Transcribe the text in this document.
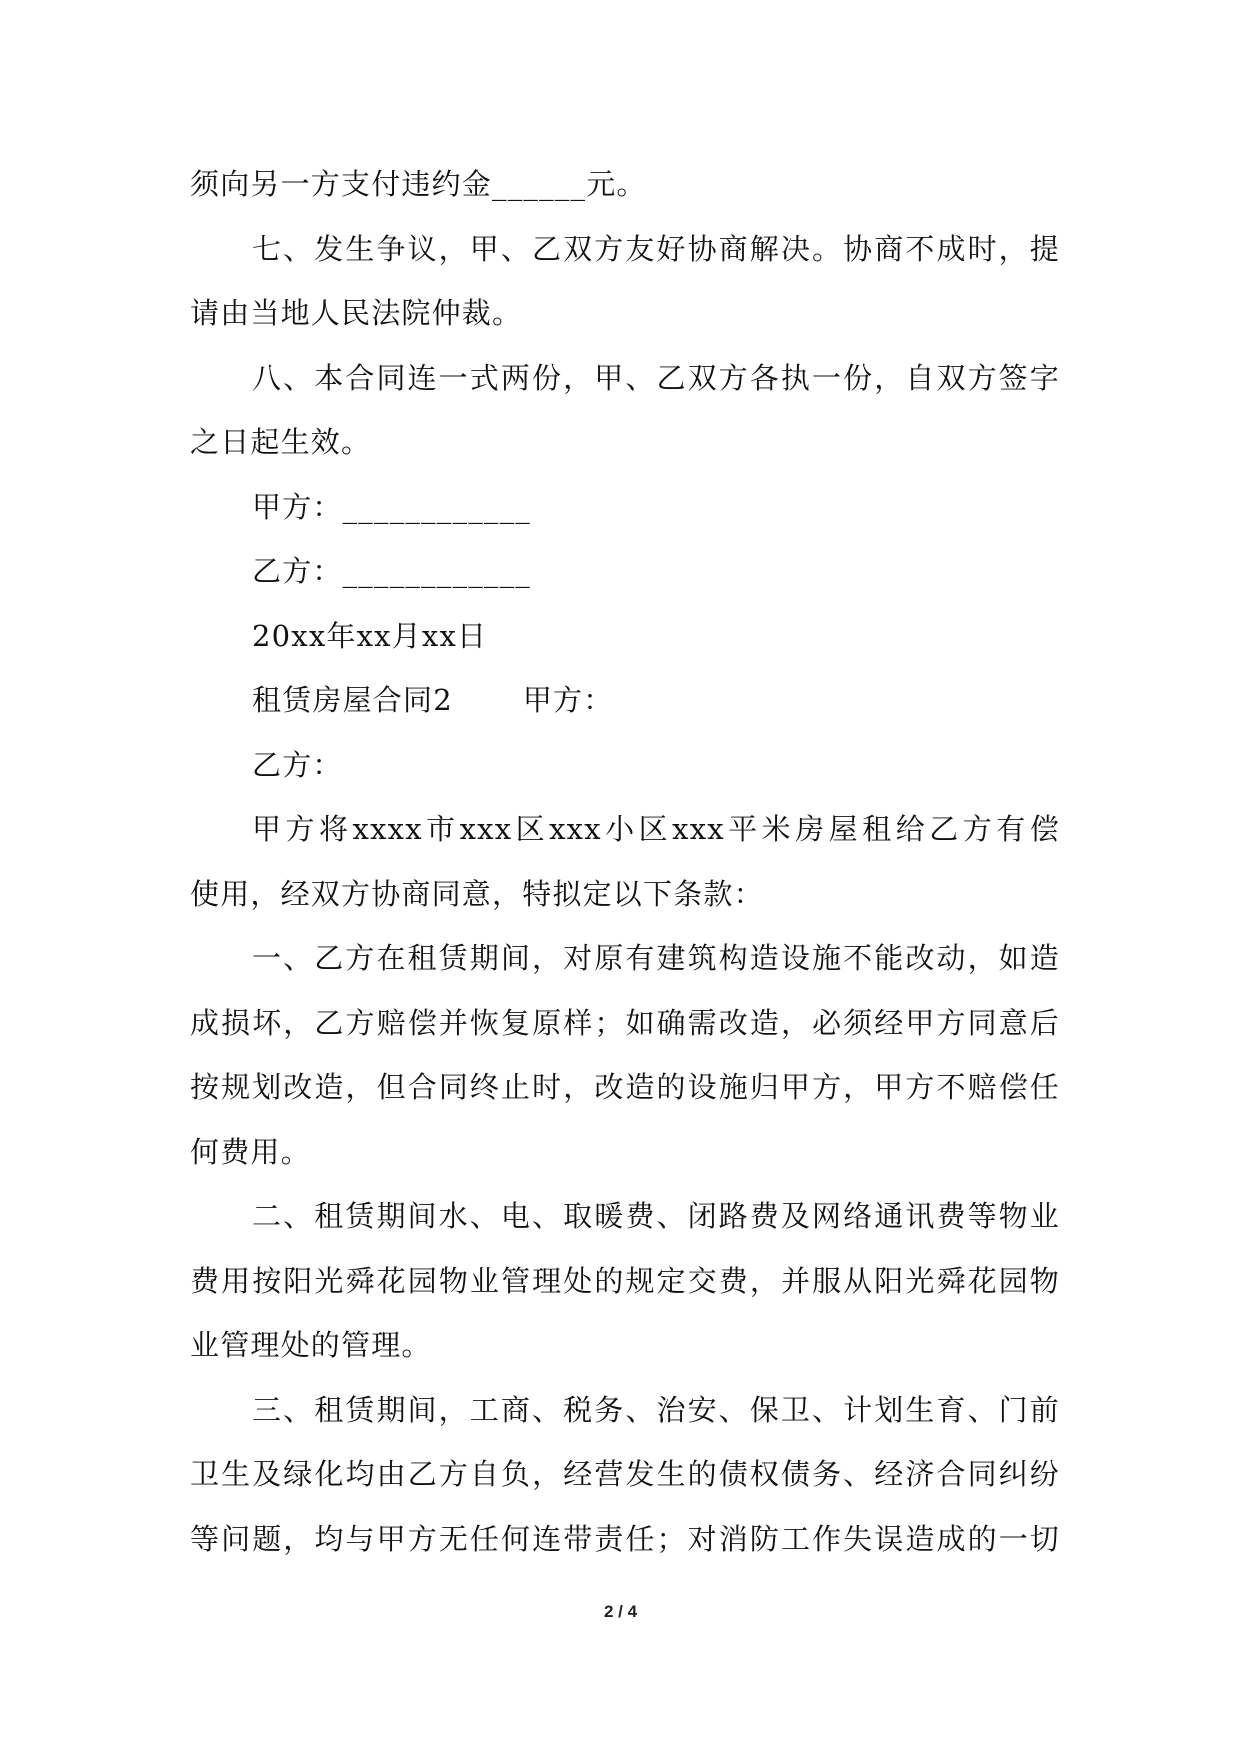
须向另一方支付违约金______元。
七、发生争议，甲、乙双方友好协商解决。协商不成时，提
请由当地人民法院仲裁。
八、本合同连一式两份，甲、乙双方各执一份，自双方签字
之日起生效。
甲方：____________
乙方：____________
20xx年xx月xx日
租赁房屋合同2 甲方：
乙方：
甲方将xxxx市xxx区xxx小区xxx平米房屋租给乙方有偿
使用，经双方协商同意，特拟定以下条款：
一、乙方在租赁期间，对原有建筑构造设施不能改动，如造
成损坏，乙方赔偿并恢复原样；如确需改造，必须经甲方同意后
按规划改造，但合同终止时，改造的设施归甲方，甲方不赔偿任
何费用。
二、租赁期间水、电、取暖费、闭路费及网络通讯费等物业
费用按阳光舜花园物业管理处的规定交费，并服从阳光舜花园物
业管理处的管理。
三、租赁期间，工商、税务、治安、保卫、计划生育、门前
卫生及绿化均由乙方自负，经营发生的债权债务、经济合同纠纷
等问题，均与甲方无任何连带责任；对消防工作失误造成的一切
2 / 4
